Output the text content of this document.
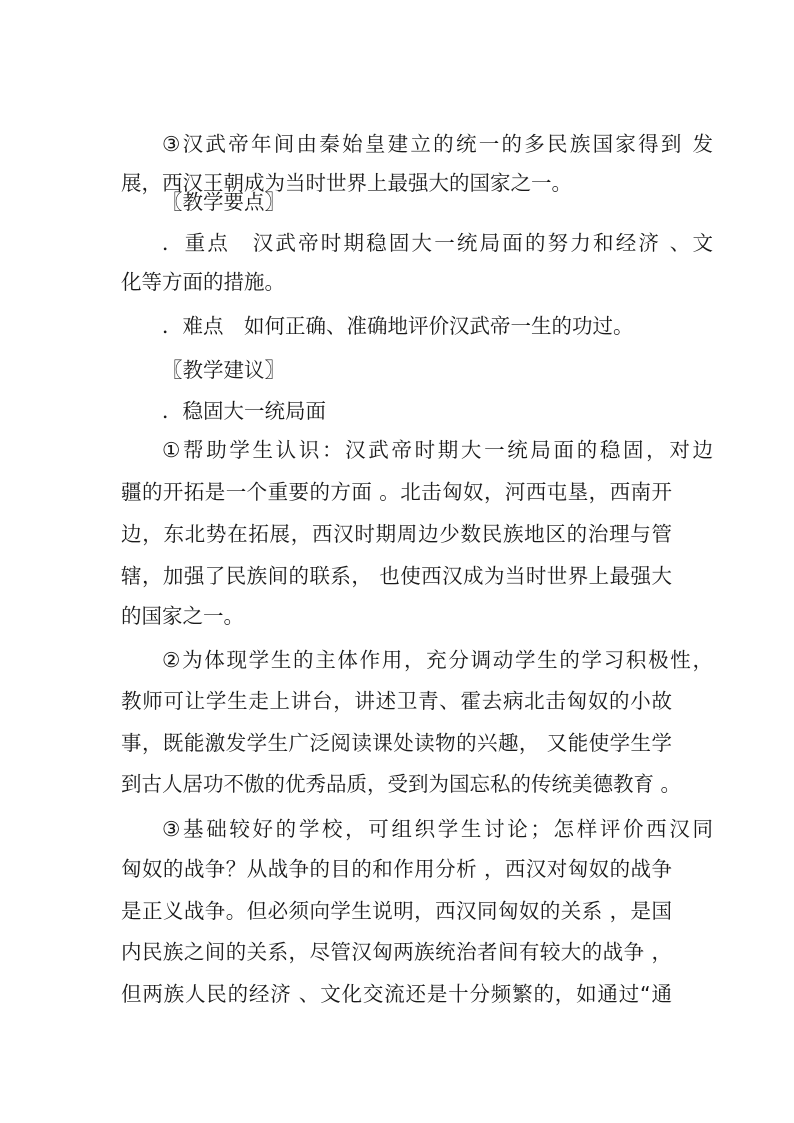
③汉武帝年间由秦始皇建立的统一的多民族国家得到 发

展，西汉王朝成为当时世界上最强大的国家之一。

〖教学要点〗

．重点　汉武帝时期稳固大一统局面的努力和经济 、文

化等方面的措施。

．难点　如何正确、准确地评价汉武帝一生的功过。

〖教学建议〗

．稳固大一统局面

①帮助学生认识：汉武帝时期大一统局面的稳固，对边

疆的开拓是一个重要的方面 。北击匈奴，河西屯垦，西南开

边，东北势在拓展，西汉时期周边少数民族地区的治理与管

辖，加强了民族间的联系， 也使西汉成为当时世界上最强大

的国家之一。

②为体现学生的主体作用，充分调动学生的学习积极性，

教师可让学生走上讲台，讲述卫青、霍去病北击匈奴的小故

事，既能激发学生广泛阅读课处读物的兴趣， 又能使学生学

到古人居功不傲的优秀品质，受到为国忘私的传统美德教育 。

③基础较好的学校，可组织学生讨论；怎样评价西汉同

匈奴的战争？从战争的目的和作用分析 ，西汉对匈奴的战争

是正义战争。但必须向学生说明，西汉同匈奴的关系 ，是国

内民族之间的关系，尽管汉匈两族统治者间有较大的战争 ，

但两族人民的经济 、文化交流还是十分频繁的，如通过“通
